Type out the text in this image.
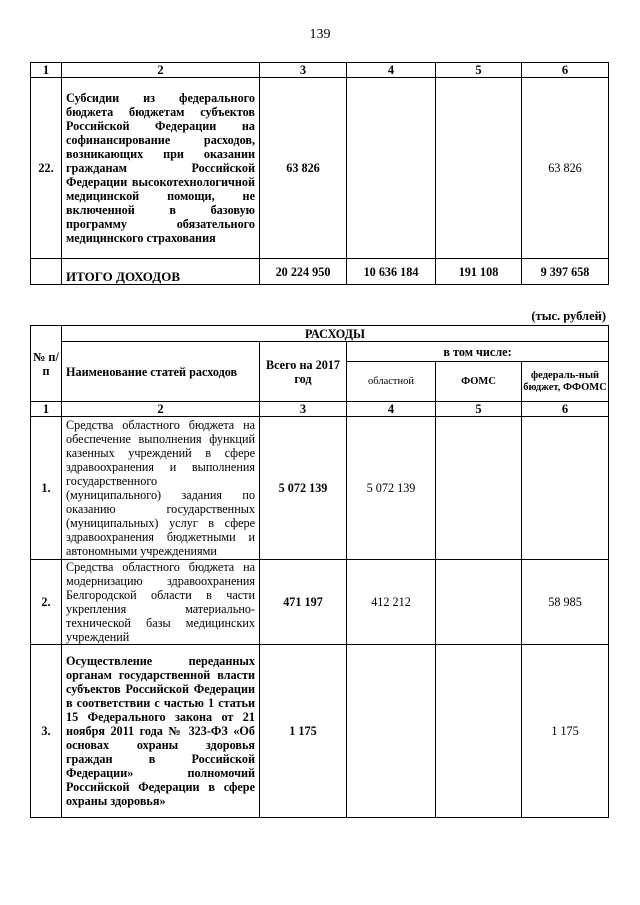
139
1	2	3	4	5	6
22.	Субсидии из федерального бюджета бюджетам субъектов Российской Федерации на софинансирование расходов, возникающих при оказании гражданам Российской Федерации высокотехнологичной медицинской помощи, не включенной в базовую программу обязательного медицинского страхования	63 826			63 826
	ИТОГО ДОХОДОВ	20 224 950	10 636 184	191 108	9 397 658
(тыс. рублей)
№ п/п	РАСХОДЫ				
	Наименование статей расходов	Всего на 2017 год	в том числе:		
			областной	ФОМС	федераль-ный бюджет, ФФОМС
1	2	3	4	5	6
1.	Средства областного бюджета на обеспечение выполнения функций казенных учреждений в сфере здравоохранения и выполнения государственного (муниципального) задания по оказанию государственных (муниципальных) услуг в сфере здравоохранения бюджетными и автономными учреждениями	5 072 139	5 072 139		
2.	Средства областного бюджета на модернизацию здравоохранения Белгородской области в части укрепления материально-технической базы медицинских учреждений	471 197	412 212		58 985
3.	Осуществление переданных органам государственной власти субъектов Российской Федерации в соответствии с частью 1 статьи 15 Федерального закона от 21 ноября 2011 года № 323-ФЗ «Об основах охраны здоровья граждан в Российской Федерации» полномочий Российской Федерации в сфере охраны здоровья»	1 175			1 175
